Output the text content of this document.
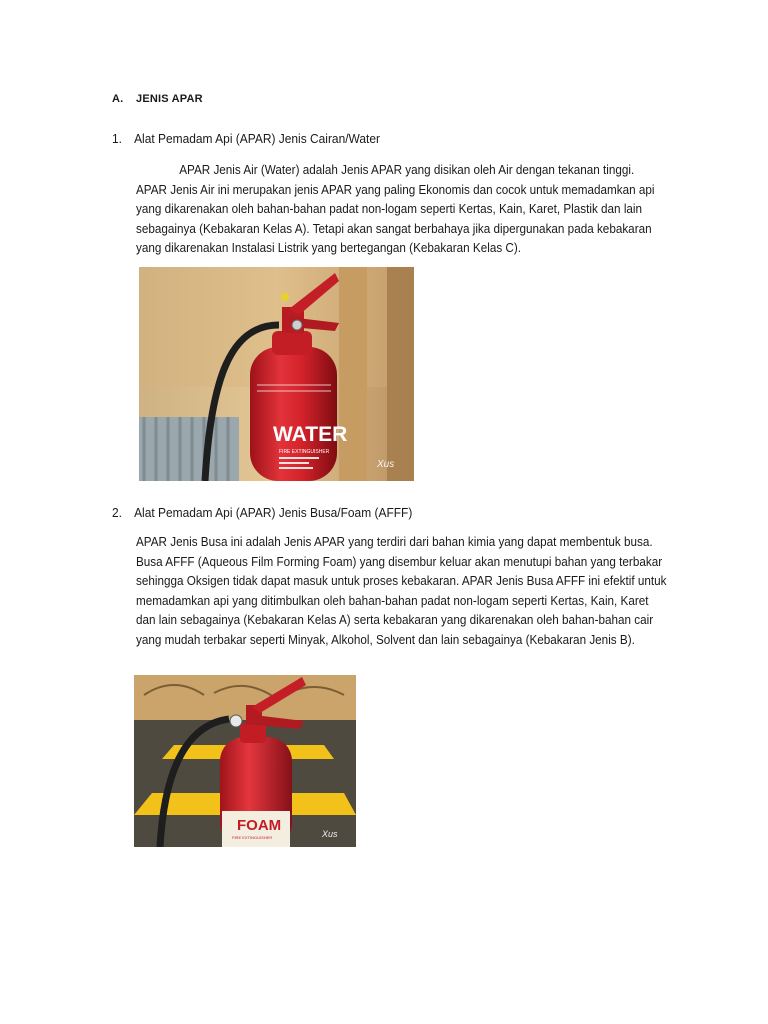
A. JENIS APAR
1. Alat Pemadam Api (APAR) Jenis Cairan/Water
APAR Jenis Air (Water) adalah Jenis APAR yang disikan oleh Air dengan tekanan tinggi. APAR Jenis Air ini merupakan jenis APAR yang paling Ekonomis dan cocok untuk memadamkan api yang dikarenakan oleh bahan-bahan padat non-logam seperti Kertas, Kain, Karet, Plastik dan lain sebagainya (Kebakaran Kelas A). Tetapi akan sangat berbahaya jika dipergunakan pada kebakaran yang dikarenakan Instalasi Listrik yang bertegangan (Kebakaran Kelas C).
WATER
FIRE EXTINGUISHER
Xus
2. Alat Pemadam Api (APAR) Jenis Busa/Foam (AFFF)
APAR Jenis Busa ini adalah Jenis APAR yang terdiri dari bahan kimia yang dapat membentuk busa. Busa AFFF (Aqueous Film Forming Foam) yang disembur keluar akan menutupi bahan yang terbakar sehingga Oksigen tidak dapat masuk untuk proses kebakaran. APAR Jenis Busa AFFF ini efektif untuk memadamkan api yang ditimbulkan oleh bahan-bahan padat non-logam seperti Kertas, Kain, Karet dan lain sebagainya (Kebakaran Kelas A) serta kebakaran yang dikarenakan oleh bahan-bahan cair yang mudah terbakar seperti Minyak, Alkohol, Solvent dan lain sebagainya (Kebakaran Jenis B).
FOAM
FIRE EXTINGUISHER	Xus
